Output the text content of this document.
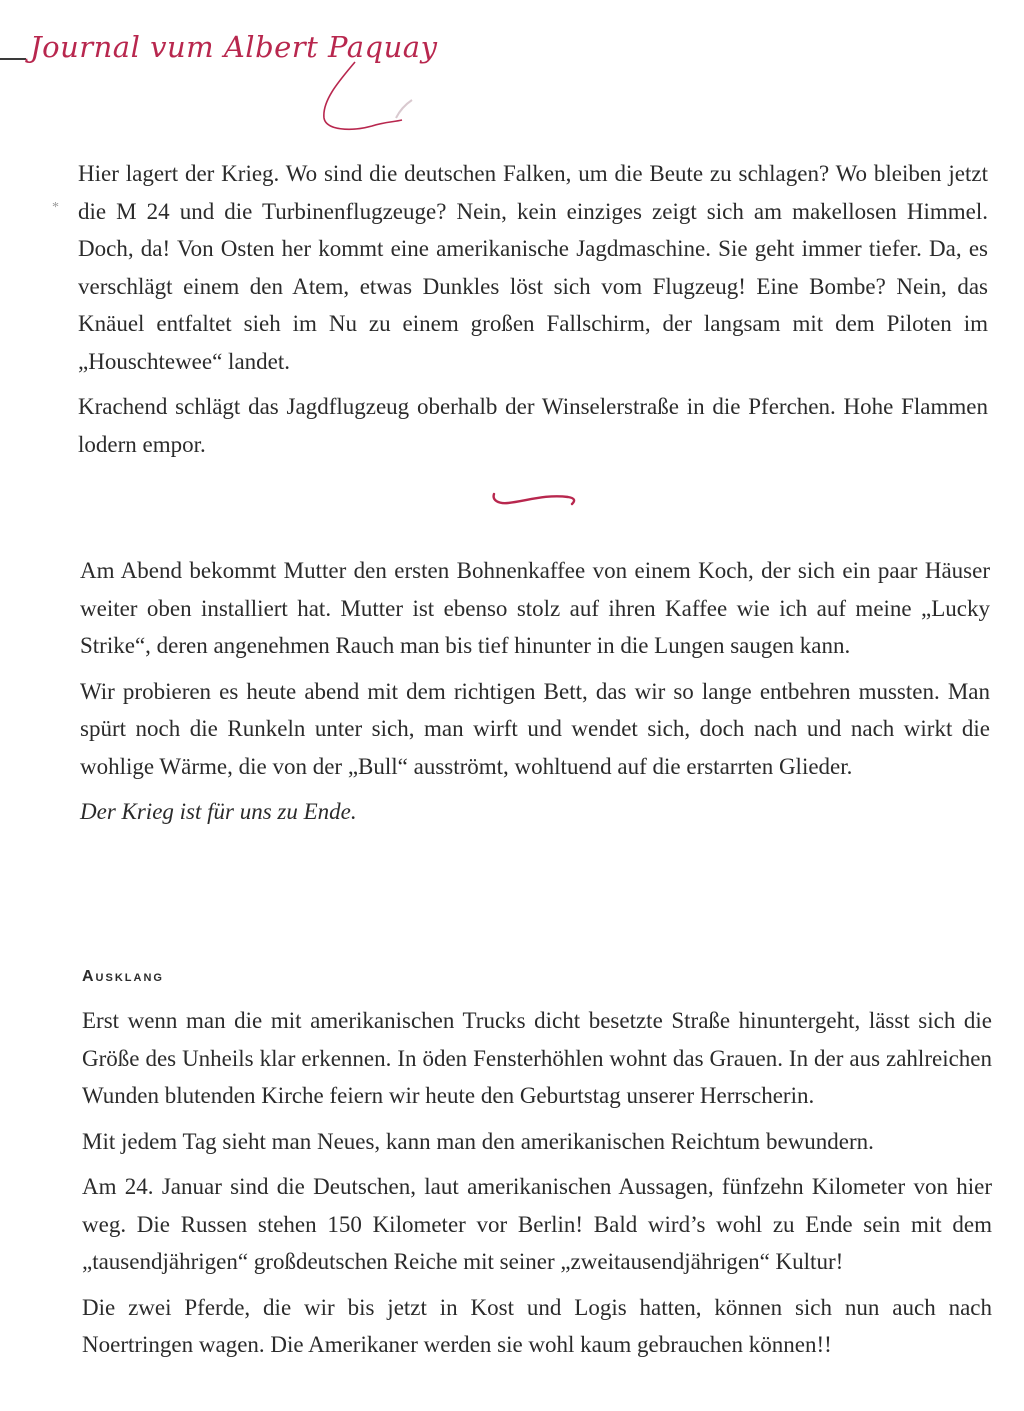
Journal vum Albert Paquay
*

Hier lagert der Krieg. Wo sind die deutschen Falken, um die Beute zu schlagen? Wo bleiben jetzt die M 24 und die Turbinenflugzeuge? Nein, kein einziges zeigt sich am makellosen Himmel. Doch, da! Von Osten her kommt eine amerikanische Jagdmaschine. Sie geht immer tiefer. Da, es verschlägt einem den Atem, etwas Dunkles löst sich vom Flugzeug! Eine Bombe? Nein, das Knäuel entfaltet sieh im Nu zu einem großen Fallschirm, der langsam mit dem Piloten im „Houschtewee“ landet.

Krachend schlägt das Jagdflugzeug oberhalb der Winselerstraße in die Pferchen. Hohe Flammen lodern empor.

Am Abend bekommt Mutter den ersten Bohnenkaffee von einem Koch, der sich ein paar Häuser weiter oben installiert hat. Mutter ist ebenso stolz auf ihren Kaffee wie ich auf meine „Lucky Strike“, deren angenehmen Rauch man bis tief hinunter in die Lungen saugen kann.

Wir probieren es heute abend mit dem richtigen Bett, das wir so lange entbehren mussten. Man spürt noch die Runkeln unter sich, man wirft und wendet sich, doch nach und nach wirkt die wohlige Wärme, die von der „Bull“ ausströmt, wohltuend auf die erstarrten Glieder.

Der Krieg ist für uns zu Ende.

Ausklang

Erst wenn man die mit amerikanischen Trucks dicht besetzte Straße hinuntergeht, lässt sich die Größe des Unheils klar erkennen. In öden Fensterhöhlen wohnt das Grauen. In der aus zahlreichen Wunden blutenden Kirche feiern wir heute den Geburtstag unserer Herrscherin.

Mit jedem Tag sieht man Neues, kann man den amerikanischen Reichtum bewundern.

Am 24. Januar sind die Deutschen, laut amerikanischen Aussagen, fünfzehn Kilometer von hier weg. Die Russen stehen 150 Kilometer vor Berlin! Bald wird’s wohl zu Ende sein mit dem „tausendjährigen“ großdeutschen Reiche mit seiner „zweitausendjährigen“ Kultur!

Die zwei Pferde, die wir bis jetzt in Kost und Logis hatten, können sich nun auch nach Noertringen wagen. Die Amerikaner werden sie wohl kaum gebrauchen können!!
